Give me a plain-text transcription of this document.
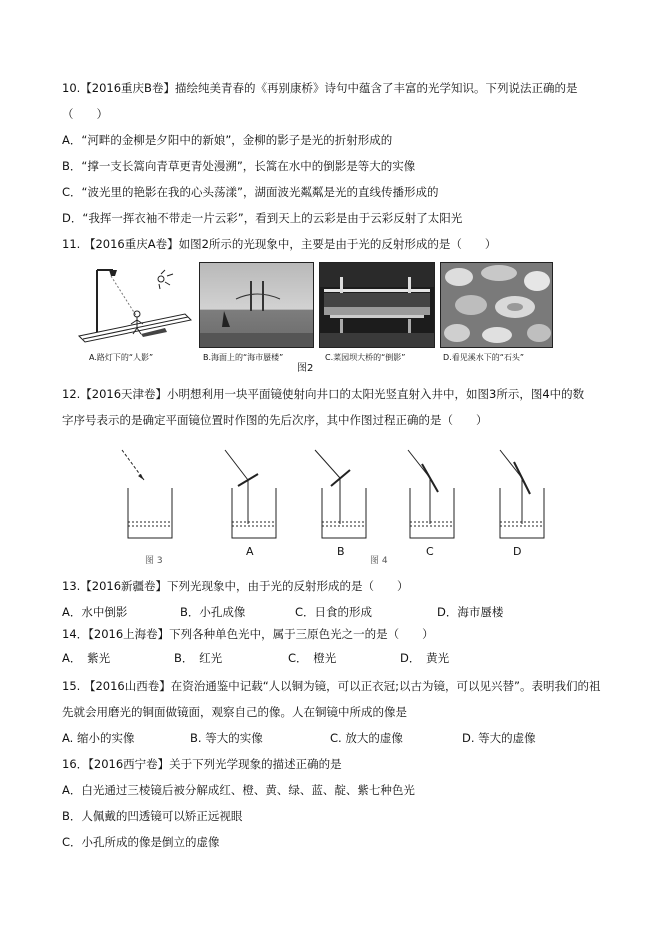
10.【2016重庆B卷】描绘纯美青春的《再别康桥》诗句中蕴含了丰富的光学知识。下列说法正确的是
（　　）
A．“河畔的金柳是夕阳中的新娘”，金柳的影子是光的折射形成的
B．“撑一支长篙向青草更青处漫溯”，长篙在水中的倒影是等大的实像
C．“波光里的艳影在我的心头荡漾”，湖面波光粼粼是光的直线传播形成的
D．“我挥一挥衣袖不带走一片云彩”，看到天上的云彩是由于云彩反射了太阳光
11. 【2016重庆A卷】如图2所示的光现象中，主要是由于光的反射形成的是（　　）
A.路灯下的“人影”	B.海面上的“海市蜃楼”	C.菜园坝大桥的“倒影”	D.看见溪水下的“石头”
图2
12.【2016天津卷】小明想利用一块平面镜使射向井口的太阳光竖直射入井中，如图3所示，图4中的数
字序号表示的是确定平面镜位置时作图的先后次序，其中作图过程正确的是（　　）
图 3
A	B
图 4
C	D
13.【2016新疆卷】下列光现象中，由于光的反射形成的是（　　）
A．水中倒影	B．小孔成像	C．日食的形成	D．海市蜃楼
14．【2016上海卷】下列各种单色光中，属于三原色光之一的是（　　）
A．　紫光	B．　红光	C．　橙光	D．　黄光
15. 【2016山西卷】在资治通鉴中记载“人以铜为镜，可以正衣冠;以古为镜，可以见兴替”。表明我们的祖
先就会用磨光的铜面做镜面，观察自己的像。人在铜镜中所成的像是
A. 缩小的实像	B. 等大的实像	C. 放大的虚像	D. 等大的虚像
16．【2016西宁卷】关于下列光学现象的描述正确的是
A．白光通过三棱镜后被分解成红、橙、黄、绿、蓝、靛、紫七种色光
B．人佩戴的凹透镜可以矫正远视眼
C．小孔所成的像是倒立的虚像
